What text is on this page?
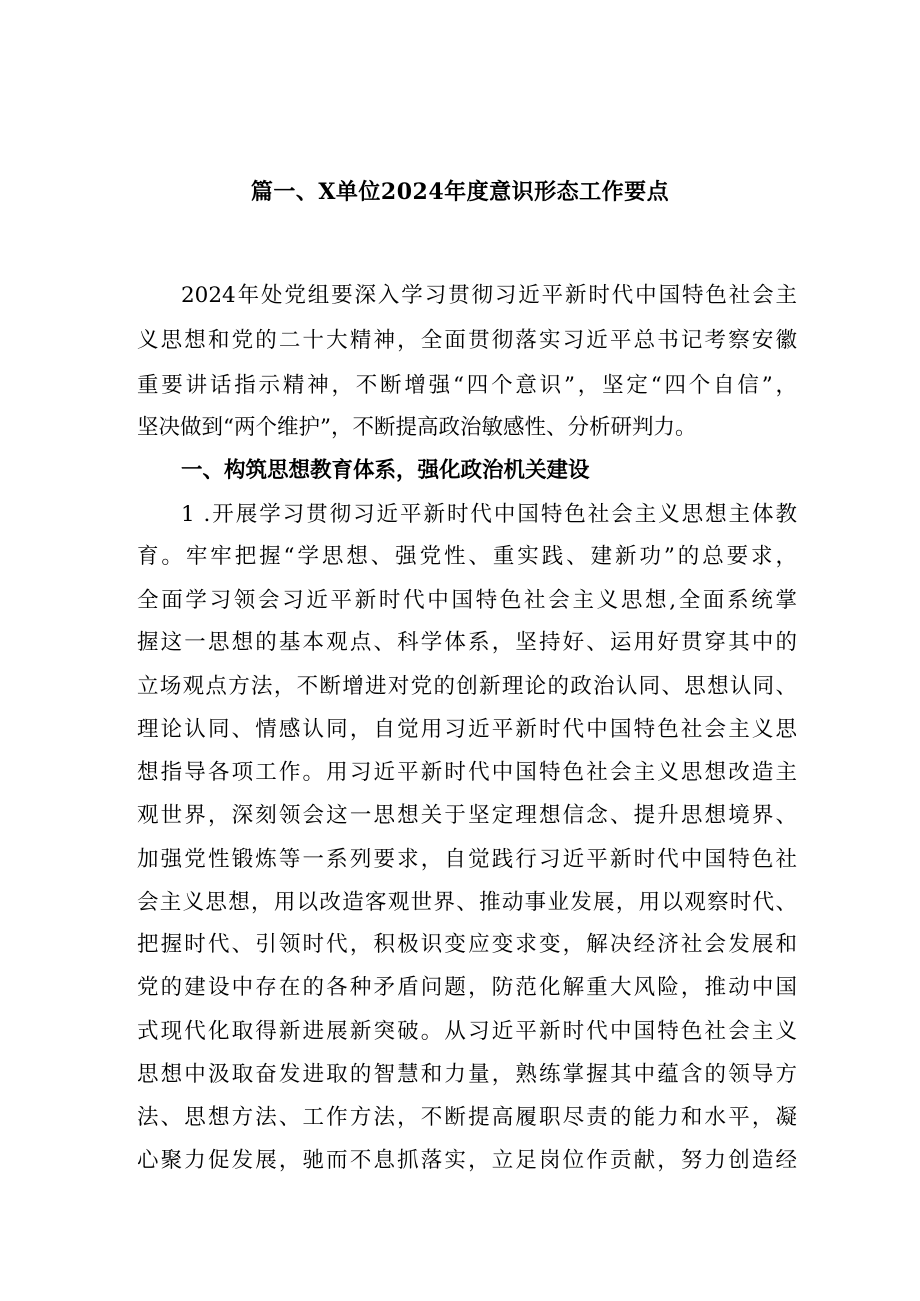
篇一、X单位2024年度意识形态工作要点
2024年处党组要深入学习贯彻习近平新时代中国特色社会主
义思想和党的二十大精神，全面贯彻落实习近平总书记考察安徽
重要讲话指示精神，不断增强“四个意识”，坚定“四个自信”，
坚决做到“两个维护”，不断提高政治敏感性、分析研判力。
一、构筑思想教育体系，强化政治机关建设
1 .开展学习贯彻习近平新时代中国特色社会主义思想主体教
育。牢牢把握“学思想、强党性、重实践、建新功”的总要求，
全面学习领会习近平新时代中国特色社会主义思想,全面系统掌
握这一思想的基本观点、科学体系，坚持好、运用好贯穿其中的
立场观点方法，不断增进对党的创新理论的政治认同、思想认同、
理论认同、情感认同，自觉用习近平新时代中国特色社会主义思
想指导各项工作。用习近平新时代中国特色社会主义思想改造主
观世界，深刻领会这一思想关于坚定理想信念、提升思想境界、
加强党性锻炼等一系列要求，自觉践行习近平新时代中国特色社
会主义思想，用以改造客观世界、推动事业发展，用以观察时代、
把握时代、引领时代，积极识变应变求变，解决经济社会发展和
党的建设中存在的各种矛盾问题，防范化解重大风险，推动中国
式现代化取得新进展新突破。从习近平新时代中国特色社会主义
思想中汲取奋发进取的智慧和力量，熟练掌握其中蕴含的领导方
法、思想方法、工作方法，不断提高履职尽责的能力和水平，凝
心聚力促发展，驰而不息抓落实，立足岗位作贡献，努力创造经
